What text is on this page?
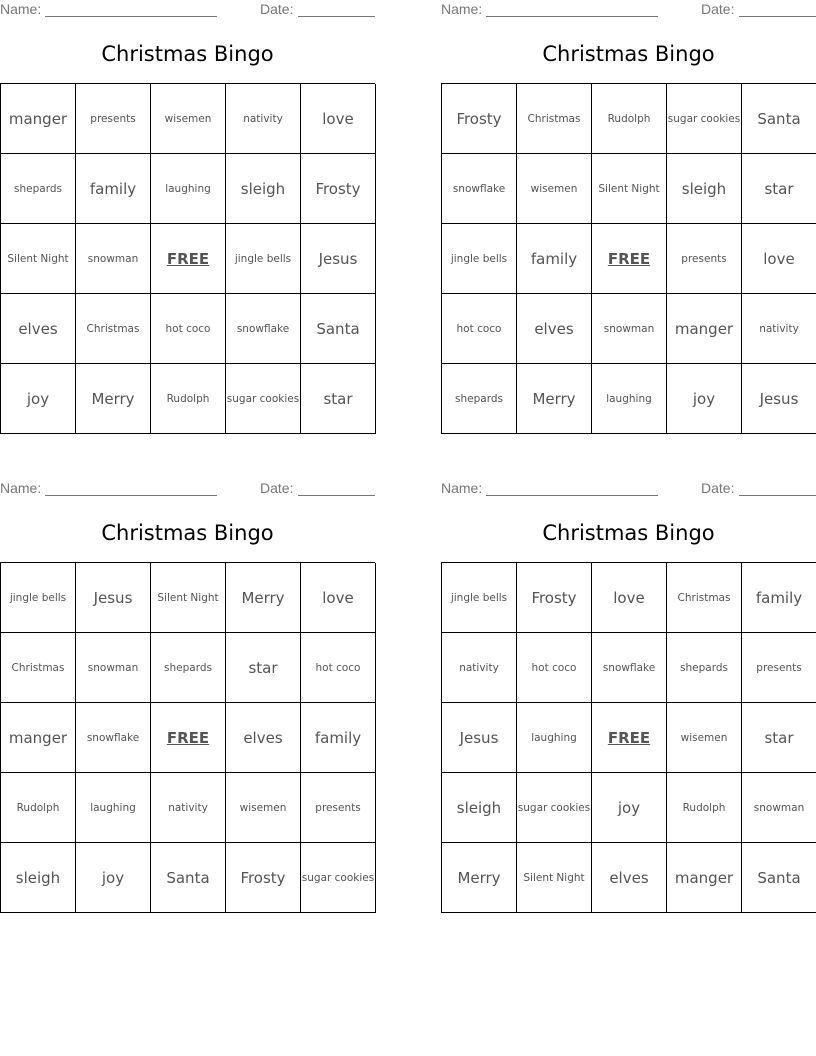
Name:	Date:
Christmas Bingo
manger	presents	wisemen	nativity	love
shepards	family	laughing	sleigh	Frosty
Silent Night	snowman	FREE	jingle bells	Jesus
elves	Christmas	hot coco	snowflake	Santa
joy	Merry	Rudolph	sugar cookies	star
Name:	Date:
Christmas Bingo
Frosty	Christmas	Rudolph	sugar cookies	Santa
snowflake	wisemen	Silent Night	sleigh	star
jingle bells	family	FREE	presents	love
hot coco	elves	snowman	manger	nativity
shepards	Merry	laughing	joy	Jesus
Name:	Date:
Christmas Bingo
jingle bells	Jesus	Silent Night	Merry	love
Christmas	snowman	shepards	star	hot coco
manger	snowflake	FREE	elves	family
Rudolph	laughing	nativity	wisemen	presents
sleigh	joy	Santa	Frosty	sugar cookies
Name:	Date:
Christmas Bingo
jingle bells	Frosty	love	Christmas	family
nativity	hot coco	snowflake	shepards	presents
Jesus	laughing	FREE	wisemen	star
sleigh	sugar cookies	joy	Rudolph	snowman
Merry	Silent Night	elves	manger	Santa
